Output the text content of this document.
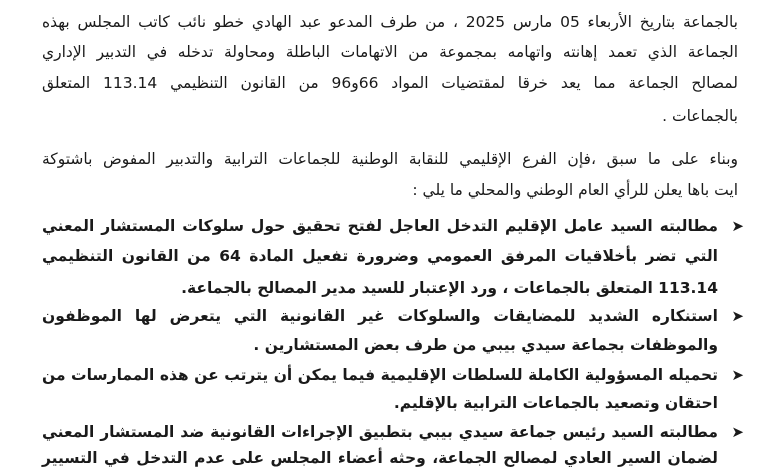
بالجماعة بتاريخ الأربعاء 05 مارس 2025 ، من طرف المدعو عبد الهادي خطو نائب كاتب المجلس بهذه
الجماعة الذي تعمد إهانته واتهامه بمجموعة من الاتهامات الباطلة ومحاولة تدخله في التدبير الإداري
لمصالح الجماعة مما يعد خرقا لمقتضيات المواد 66و96 من القانون التنظيمي 113.14 المتعلق
بالجماعات .
وبناء على ما سبق ،فإن الفرع الإقليمي للنقابة الوطنية للجماعات الترابية والتدبير المفوض باشتوكة
ايت باها يعلن للرأي العام الوطني والمحلي ما يلي :
➤
مطالبته السيد عامل الإقليم التدخل العاجل لفتح تحقيق حول سلوكات المستشار المعني
التي تضر بأخلاقيات المرفق العمومي وضرورة تفعيل المادة 64 من القانون التنظيمي
113.14 المتعلق بالجماعات ، ورد الإعتبار للسيد مدير المصالح بالجماعة.
➤
استنكاره الشديد للمضايقات والسلوكات غير القانونية التي يتعرض لها الموظفون
والموظفات بجماعة سيدي بيبي من طرف بعض المستشارين .
➤
تحميله المسؤولية الكاملة للسلطات الإقليمية فيما يمكن أن يترتب عن هذه الممارسات من
احتقان وتصعيد بالجماعات الترابية بالإقليم.
➤
مطالبته السيد رئيس جماعة سيدي بيبي بتطبيق الإجراءات القانونية ضد المستشار المعني
لضمان السير العادي لمصالح الجماعة، وحثه أعضاء المجلس على عدم التدخل في التسيير
